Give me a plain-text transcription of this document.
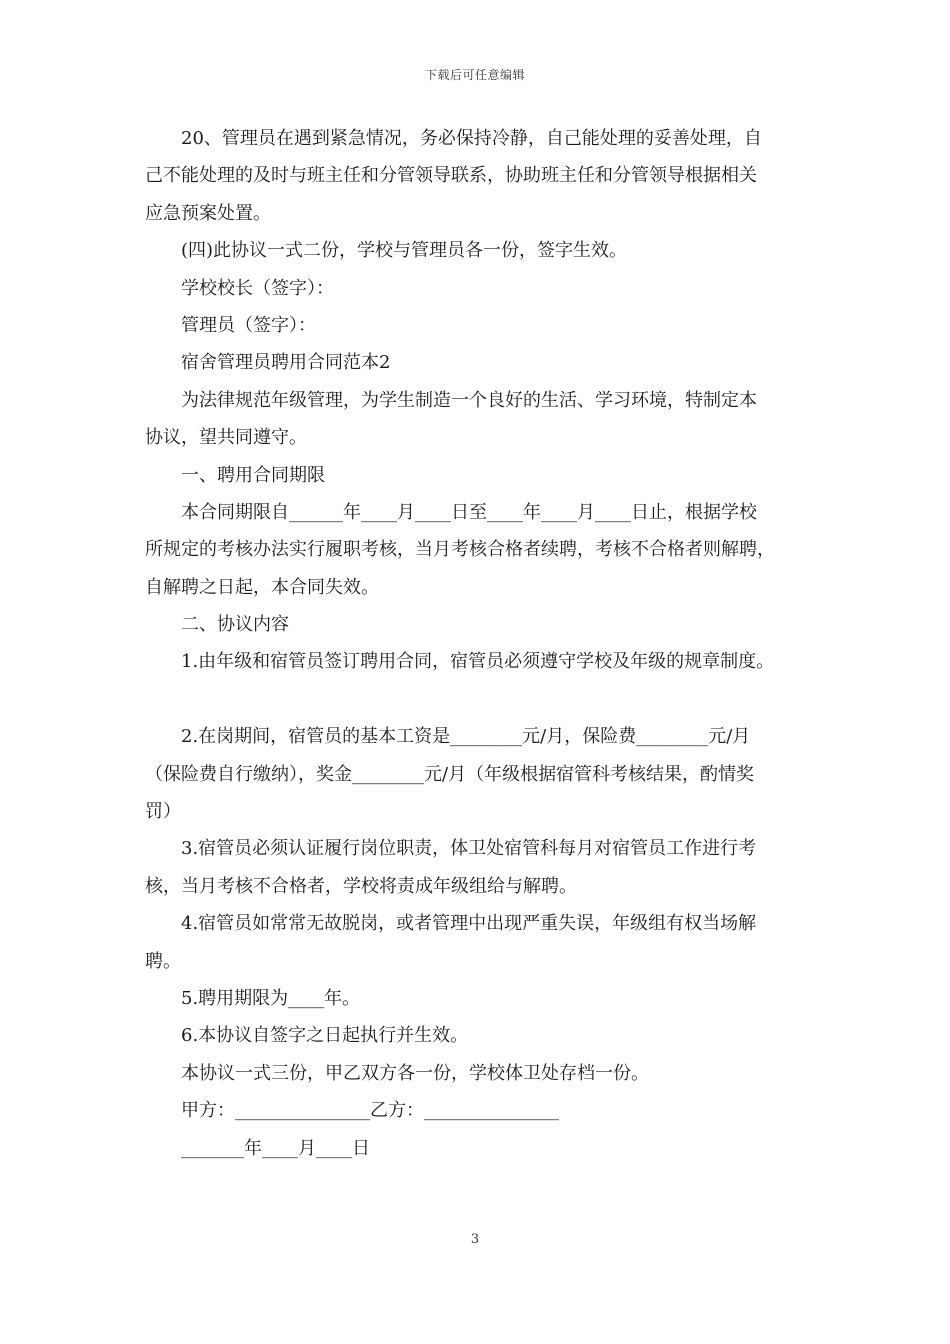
下载后可任意编辑
20、管理员在遇到紧急情况，务必保持冷静，自己能处理的妥善处理，自
己不能处理的及时与班主任和分管领导联系，协助班主任和分管领导根据相关
应急预案处置。
(四)此协议一式二份，学校与管理员各一份，签字生效。
学校校长（签字）：
管理员（签字）：
宿舍管理员聘用合同范本2
为法律规范年级管理，为学生制造一个良好的生活、学习环境，特制定本
协议，望共同遵守。
一、聘用合同期限
本合同期限自______年____月____日至____年____月____日止，根据学校
所规定的考核办法实行履职考核，当月考核合格者续聘，考核不合格者则解聘，
自解聘之日起，本合同失效。
二、协议内容
1.由年级和宿管员签订聘用合同，宿管员必须遵守学校及年级的规章制度。
2.在岗期间，宿管员的基本工资是________元/月，保险费________元/月
（保险费自行缴纳），奖金________元/月（年级根据宿管科考核结果，酌情奖
罚）
3.宿管员必须认证履行岗位职责，体卫处宿管科每月对宿管员工作进行考
核，当月考核不合格者，学校将责成年级组给与解聘。
4.宿管员如常常无故脱岗，或者管理中出现严重失误，年级组有权当场解
聘。
5.聘用期限为____年。
6.本协议自签字之日起执行并生效。
本协议一式三份，甲乙双方各一份，学校体卫处存档一份。
甲方：_______________乙方：_______________
_______年____月____日
3
